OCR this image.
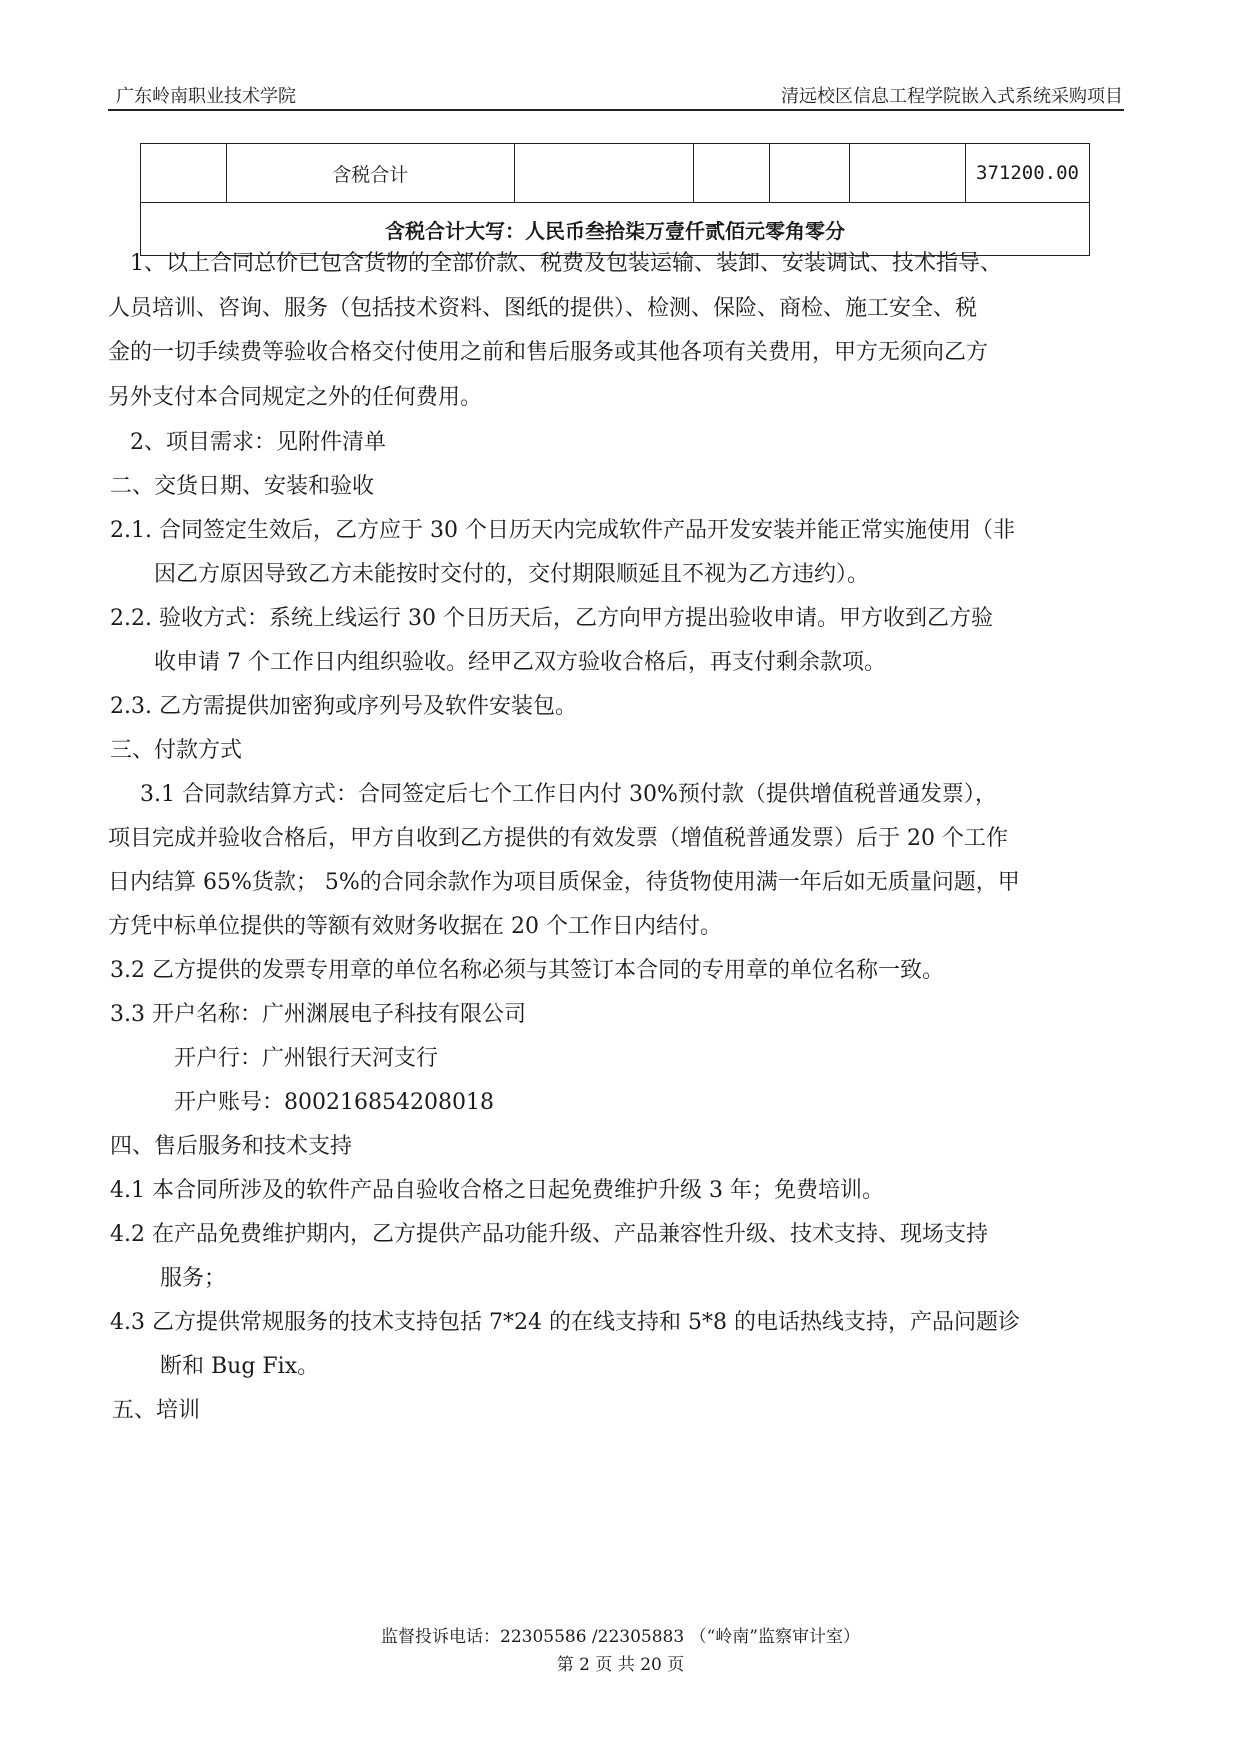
广东岭南职业技术学院	清远校区信息工程学院嵌入式系统采购项目
	含税合计					371200.00
含税合计大写：人民币叁拾柒万壹仟贰佰元零角零分
1、以上合同总价已包含货物的全部价款、税费及包装运输、装卸、安装调试、技术指导、
人员培训、咨询、服务（包括技术资料、图纸的提供）、检测、保险、商检、施工安全、税
金的一切手续费等验收合格交付使用之前和售后服务或其他各项有关费用，甲方无须向乙方
另外支付本合同规定之外的任何费用。
2、项目需求：见附件清单
二、交货日期、安装和验收
2.1. 合同签定生效后，乙方应于 30 个日历天内完成软件产品开发安装并能正常实施使用（非
因乙方原因导致乙方未能按时交付的，交付期限顺延且不视为乙方违约）。
2.2. 验收方式：系统上线运行 30 个日历天后，乙方向甲方提出验收申请。甲方收到乙方验
收申请 7 个工作日内组织验收。经甲乙双方验收合格后，再支付剩余款项。
2.3. 乙方需提供加密狗或序列号及软件安装包。
三、付款方式
3.1 合同款结算方式：合同签定后七个工作日内付 30%预付款（提供增值税普通发票），
项目完成并验收合格后，甲方自收到乙方提供的有效发票（增值税普通发票）后于 20 个工作
日内结算 65%货款； 5%的合同余款作为项目质保金，待货物使用满一年后如无质量问题，甲
方凭中标单位提供的等额有效财务收据在 20 个工作日内结付。
3.2 乙方提供的发票专用章的单位名称必须与其签订本合同的专用章的单位名称一致。
3.3 开户名称：广州渊展电子科技有限公司
开户行：广州银行天河支行
开户账号：800216854208018
四、售后服务和技术支持
4.1 本合同所涉及的软件产品自验收合格之日起免费维护升级 3 年；免费培训。
4.2 在产品免费维护期内，乙方提供产品功能升级、产品兼容性升级、技术支持、现场支持
服务；
4.3 乙方提供常规服务的技术支持包括 7*24 的在线支持和 5*8 的电话热线支持，产品问题诊
断和 Bug Fix。
五、培训
监督投诉电话：22305586 /22305883 （“岭南”监察审计室）
第 2 页 共 20 页
